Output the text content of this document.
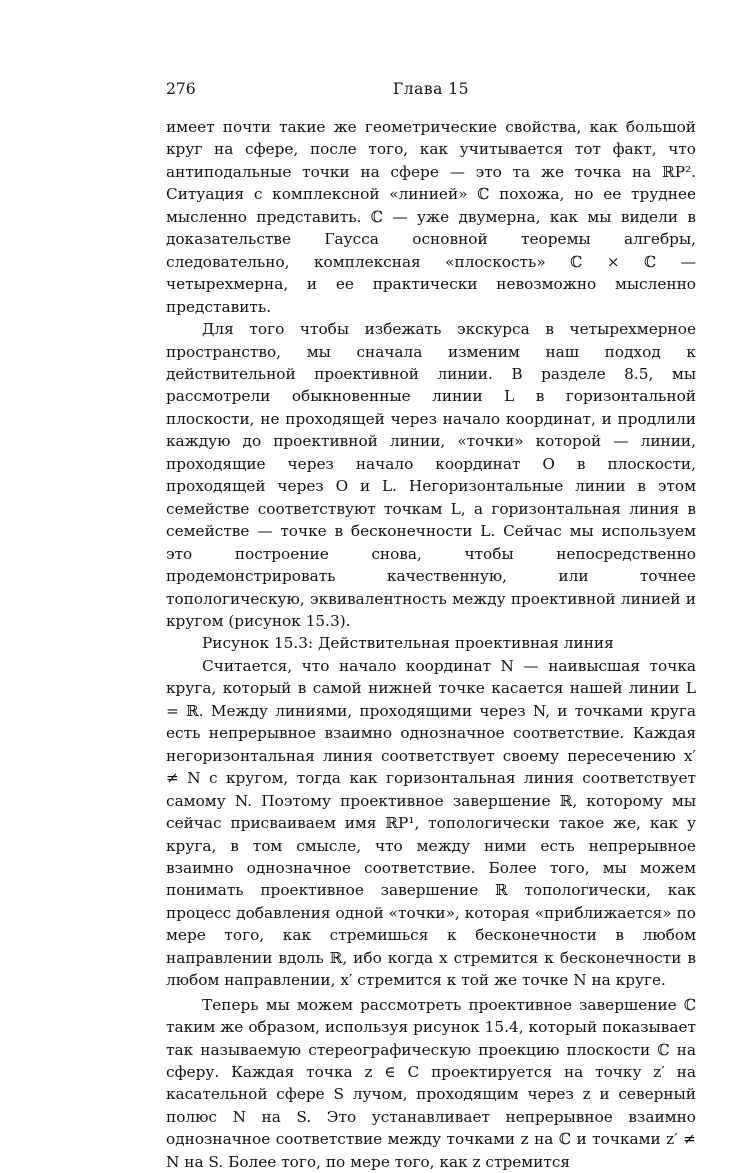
276	Глава 15

имеет почти такие же геометрические свойства, как большой круг на сфере, после того, как учитывается тот факт, что антиподальные точки на сфере — это та же точка на ℝP². Ситуация с комплексной «линией» ℂ похожа, но ее труднее мысленно представить. ℂ — уже двумерна, как мы видели в доказательстве Гаусса основной теоремы алгебры, следовательно, комплексная «плоскость» ℂ × ℂ — четырехмерна, и ее практически невозможно мысленно представить.

Для того чтобы избежать экскурса в четырехмерное пространство, мы сначала изменим наш подход к действительной проективной линии. В разделе 8.5, мы рассмотрели обыкновенные линии L в горизонтальной плоскости, не проходящей через начало координат, и продлили каждую до проективной линии, «точки» которой — линии, проходящие через начало координат O в плоскости, проходящей через O и L. Негоризонтальные линии в этом семействе соответствуют точкам L, а горизонтальная линия в семействе — точке в бесконечности L. Сейчас мы используем это построение снова, чтобы непосредственно продемонстрировать качественную, или точнее топологическую, эквивалентность между проективной линией и кругом (рисунок 15.3).

Рисунок 15.3: Действительная проективная линия

Считается, что начало координат N — наивысшая точка круга, который в самой нижней точке касается нашей линии L = ℝ. Между линиями, проходящими через N, и точками круга есть непрерывное взаимно однозначное соответствие. Каждая негоризонтальная линия соответствует своему пересечению x′ ≠ N с кругом, тогда как горизонтальная линия соответствует самому N. Поэтому проективное завершение ℝ, которому мы сейчас присваиваем имя ℝP¹, топологически такое же, как у круга, в том смысле, что между ними есть непрерывное взаимно однозначное соответствие. Более того, мы можем понимать проективное завершение ℝ топологически, как процесс добавления одной «точки», которая «приближается» по мере того, как стремишься к бесконечности в любом направлении вдоль ℝ, ибо когда x стремится к бесконечности в любом направлении, x′ стремится к той же точке N на круге.

Теперь мы можем рассмотреть проективное завершение ℂ таким же образом, используя рисунок 15.4, который показывает так называемую стереографическую проекцию плоскости ℂ на сферу. Каждая точка z ∈ C проектируется на точку z′ на касательной сфере S лучом, проходящим через z и северный полюс N на S. Это устанавливает непрерывное взаимно однозначное соответствие между точками z на ℂ и точками z′ ≠ N на S. Более того, по мере того, как z стремится
